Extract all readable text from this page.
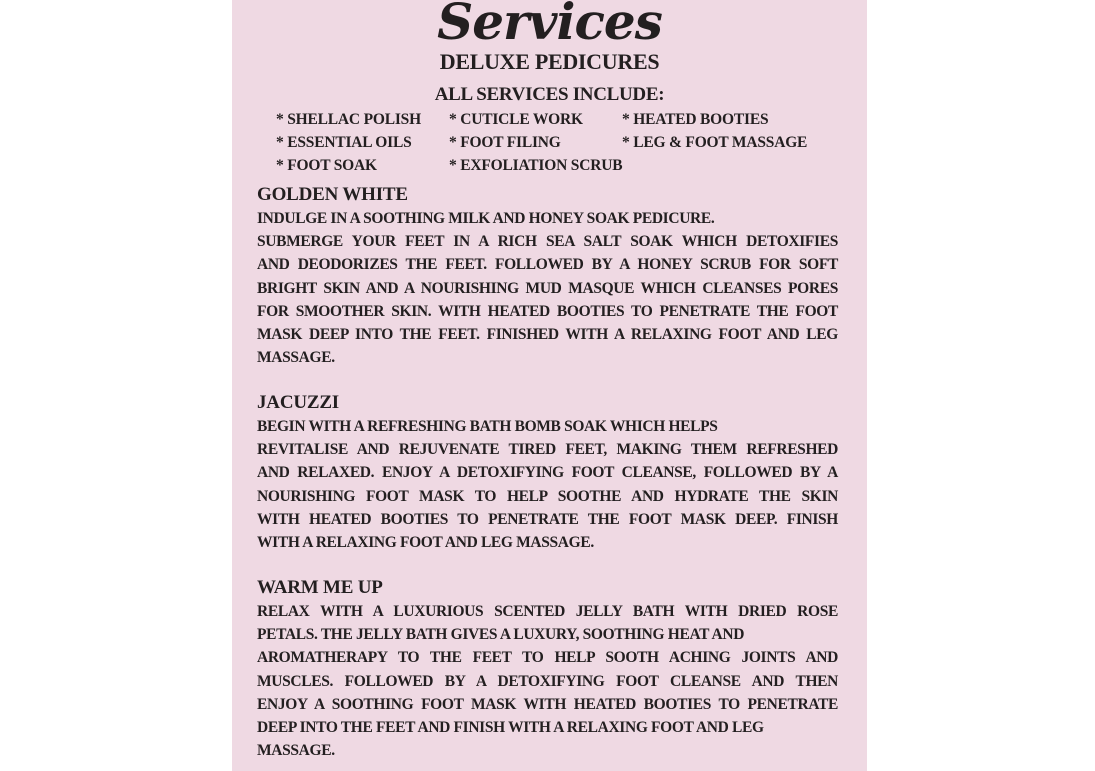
Services
DELUXE PEDICURES
ALL SERVICES INCLUDE:
* SHELLAC POLISH * CUTICLE WORK	* HEATED BOOTIES
* ESSENTIAL OILS * FOOT FILING	* LEG & FOOT MASSAGE
* FOOT SOAK	* EXFOLIATION SCRUB
GOLDEN WHITE
INDULGE IN A SOOTHING MILK AND HONEY SOAK PEDICURE.
SUBMERGE YOUR FEET IN A RICH SEA SALT SOAK WHICH DETOXIFIES
AND DEODORIZES THE FEET. FOLLOWED BY A HONEY SCRUB FOR SOFT
BRIGHT SKIN AND A NOURISHING MUD MASQUE WHICH CLEANSES PORES
FOR SMOOTHER SKIN. WITH HEATED BOOTIES TO PENETRATE THE FOOT
MASK DEEP INTO THE FEET. FINISHED WITH A RELAXING FOOT AND LEG
MASSAGE.
JACUZZI
BEGIN WITH A REFRESHING BATH BOMB SOAK WHICH HELPS
REVITALISE AND REJUVENATE TIRED FEET, MAKING THEM REFRESHED
AND RELAXED. ENJOY A DETOXIFYING FOOT CLEANSE, FOLLOWED BY A
NOURISHING FOOT MASK TO HELP SOOTHE AND HYDRATE THE SKIN
WITH HEATED BOOTIES TO PENETRATE THE FOOT MASK DEEP. FINISH
WITH A RELAXING FOOT AND LEG MASSAGE.
WARM ME UP
RELAX WITH A LUXURIOUS SCENTED JELLY BATH WITH DRIED ROSE
PETALS. THE JELLY BATH GIVES A LUXURY, SOOTHING HEAT AND
AROMATHERAPY TO THE FEET TO HELP SOOTH ACHING JOINTS AND
MUSCLES. FOLLOWED BY A DETOXIFYING FOOT CLEANSE AND THEN
ENJOY A SOOTHING FOOT MASK WITH HEATED BOOTIES TO PENETRATE
DEEP INTO THE FEET AND FINISH WITH A RELAXING FOOT AND LEG
MASSAGE.
